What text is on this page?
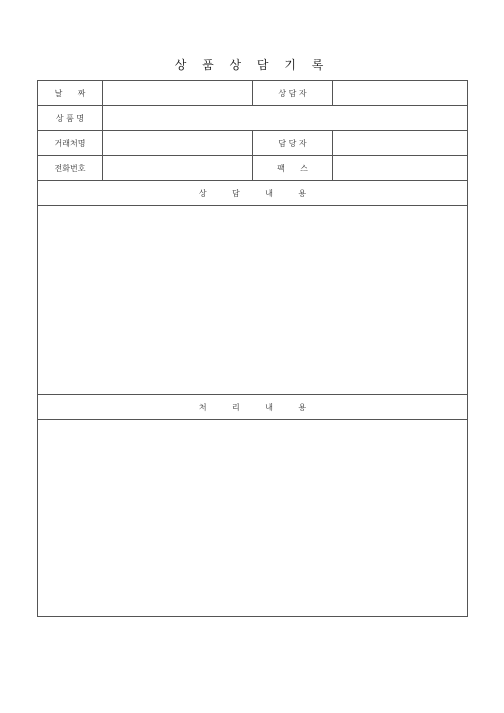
상 품 상 담 기 록
날      짜		상 담 자	
상 품 명			
거래처명		담 당 자	
전화번호		팩      스	
상          담          내          용			

처          리          내          용			
